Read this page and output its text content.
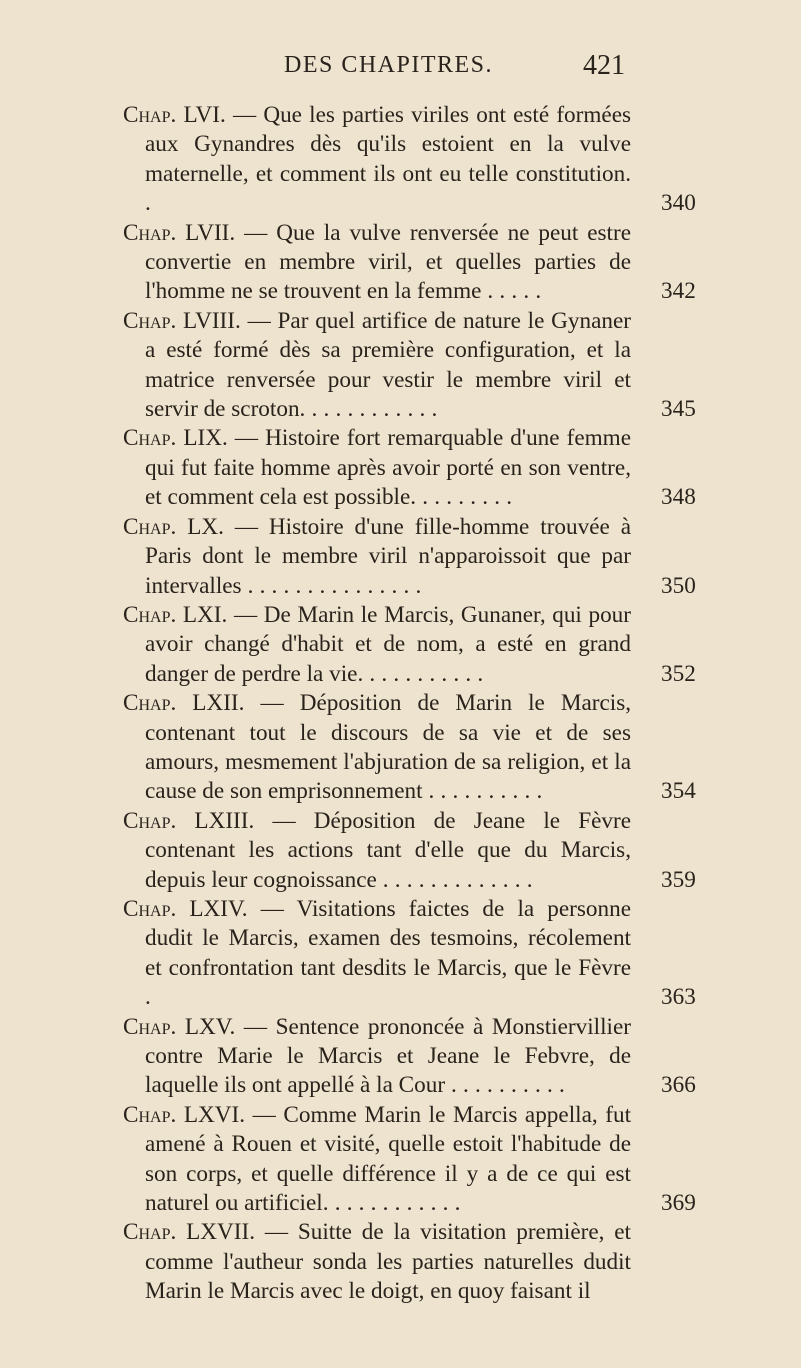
DES CHAPITRES.	421
Chap. LVI. — Que les parties viriles ont esté formées aux Gynandres dès qu'ils estoient en la vulve maternelle, et comment ils ont eu telle constitution. .	340
Chap. LVII. — Que la vulve renversée ne peut estre convertie en membre viril, et quelles parties de l'homme ne se trouvent en la femme . . . . .	342
Chap. LVIII. — Par quel artifice de nature le Gynaner a esté formé dès sa première configuration, et la matrice renversée pour vestir le membre viril et servir de scroton. . . . . . . . . . . .	345
Chap. LIX. — Histoire fort remarquable d'une femme qui fut faite homme après avoir porté en son ventre, et comment cela est possible. . . . . . . . .	348
Chap. LX. — Histoire d'une fille-homme trouvée à Paris dont le membre viril n'apparoissoit que par intervalles . . . . . . . . . . . . . . .	350
Chap. LXI. — De Marin le Marcis, Gunaner, qui pour avoir changé d'habit et de nom, a esté en grand danger de perdre la vie. . . . . . . . . . .	352
Chap. LXII. — Déposition de Marin le Marcis, contenant tout le discours de sa vie et de ses amours, mesmement l'abjuration de sa religion, et la cause de son emprisonnement . . . . . . . . . .	354
Chap. LXIII. — Déposition de Jeane le Fèvre contenant les actions tant d'elle que du Marcis, depuis leur cognoissance . . . . . . . . . . . . .	359
Chap. LXIV. — Visitations faictes de la personne dudit le Marcis, examen des tesmoins, récolement et confrontation tant desdits le Marcis, que le Fèvre .	363
Chap. LXV. — Sentence prononcée à Monstiervillier contre Marie le Marcis et Jeane le Febvre, de laquelle ils ont appellé à la Cour . . . . . . . . . .	366
Chap. LXVI. — Comme Marin le Marcis appella, fut amené à Rouen et visité, quelle estoit l'habitude de son corps, et quelle différence il y a de ce qui est naturel ou artificiel. . . . . . . . . . . .	369
Chap. LXVII. — Suitte de la visitation première, et comme l'autheur sonda les parties naturelles dudit Marin le Marcis avec le doigt, en quoy faisant il
